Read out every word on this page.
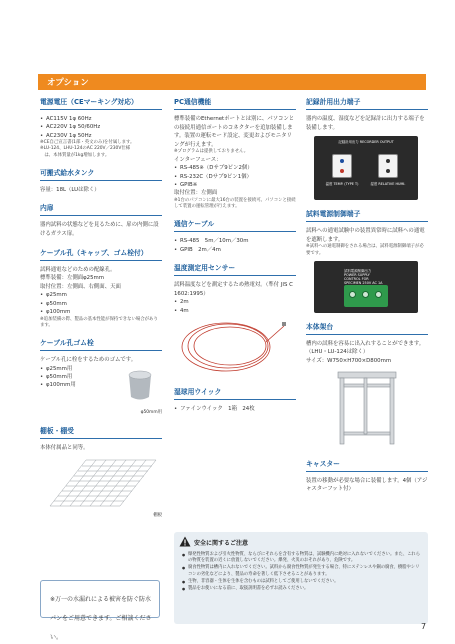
オプション
電源電圧（CEマーキング対応）
• AC115V 1φ 60Hz
• AC220V 1φ 50/60Hz
• AC230V 1φ 50Hz
※CE自己宣言書(1部・英文のみ)を付属します。
※LU-124、LHU-124のAC 220V／230V仕様
　は、本体質量が1kg増加します。
可搬式給水タンク
容量：18L（LUは除く）
内扉
器内試料の状態などを見るために、扉の内側に設けるガラス扉。
ケーブル孔（キャップ、ゴム栓付）
試料通電などのための配線孔。
標準装備：左側面φ25mm
取付位置：左側面、右側面、天面
• φ25mm
• φ50mm
• φ100mm
※追加装備の際、製品の基本性能が保持できない場合があります。
ケーブル孔ゴム栓
ケーブル孔に栓をするためのゴムです。
• φ25mm用
• φ50mm用
• φ100mm用
φ50mm用
棚板・棚受
本体付属品と同等。
棚板
PC通信機能
標準装備のEthernetポートとは別に、パソコンとの接続用通信ポートのコネクターを追加装備します。装置の運転モード設定、変更およびモニタリングが行えます。
※プログラムは提供しておりません。
インターフェース：
• RS-485※（Dサブ9ピン2個）
• RS-232C（Dサブ9ピン1個）
• GPIB※
取付位置：左側面
※1台のパソコンに最大16台の装置を接続可。パソコンと接続して装置の運転管理が行えます。
通信ケーブル
• RS-485　5m／10m／30m
• GPIB　2m／4m
温度測定用センサー
試料温度などを測定するため熱電対。（準付 JIS C 1602:1995）
• 2m
• 4m
湿球用ウイック
• ファインウイック　1箱　24枚
記録計用出力端子
器内の温度、湿度などを記録計に出力する端子を装備します。
記録計用出力 RECORDER OUTPUT
温度 TEMP. (TYPE T)	湿度 RELATIVE HUMI.
試料電源制御端子
試料への通電試験中の装置異常時に試料への通電を遮断します。
※試料への通電制御をされる場合は、試料電源制御端子が必要です。
試料電源制御出力 POWER SUPPLY CONTROL FOR SPECIMEN 250V AC 1A
本体架台
槽内の試料を容易に出入れすることができます。（LHU・LU-124は除く）
サイズ：W750×H700×D800mm
キャスター
装置の移動が必要な場合に装備します。4個（アジャスターフット付）
※万一の水漏れによる被害を防ぐ防水パンをご用意できます。ご相談ください。
安全に関するご注意
● 爆発性物質および引火性物質、ならびにそれらを含有する物質は、試験機内に絶対に入れないでください。また、これらの物質を装置の近くに放置しないでください。爆発、火災のおそれがあり、危険です。
● 腐食性物質は槽内に入れないでください。試料から腐食性物質が発生する場合、特にステンレスや銅の腐食、樹脂やシリコンの劣化などにより、製品の寿命を著しく低下させることがあります。
● 生物、非容器・生体を生体を含むものは試料としてご使用しないでください。
● 製品をお使いになる前に、取扱説明書を必ずお読みください。
7
